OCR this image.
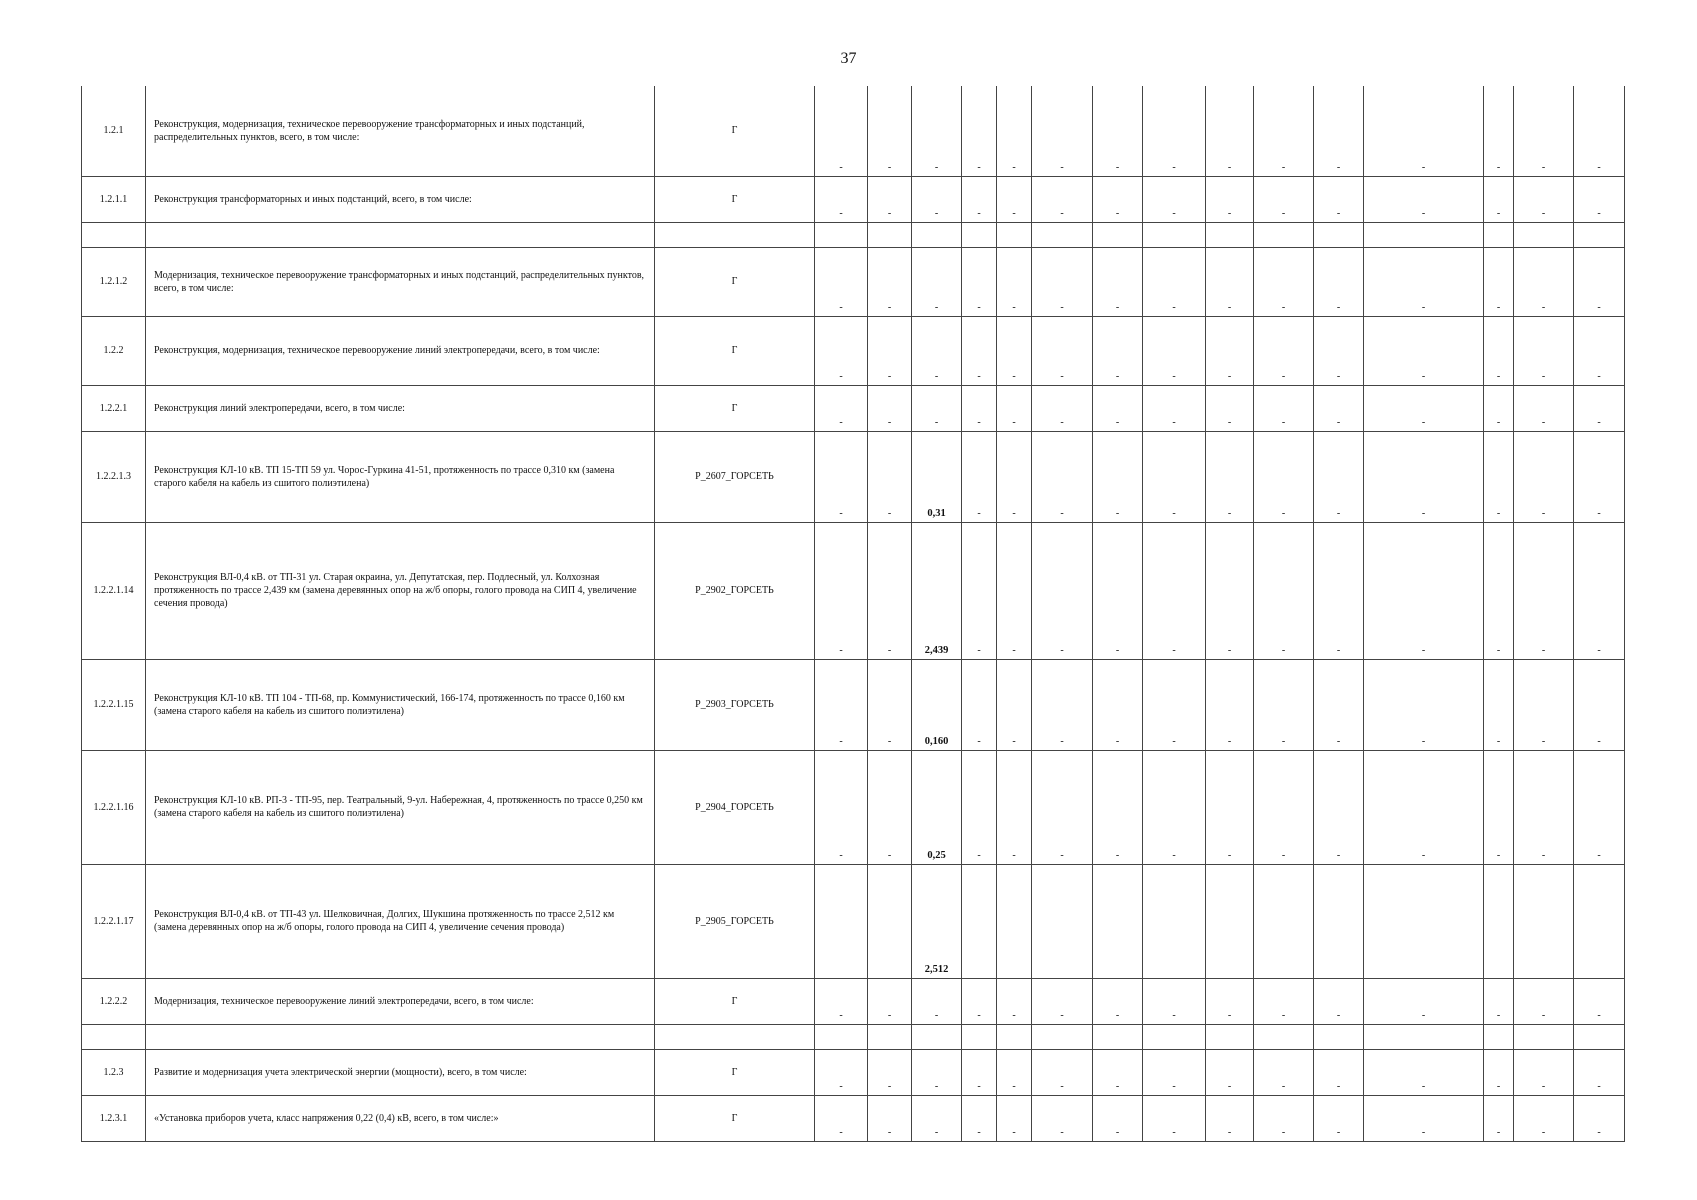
37
1.2.1	Реконструкция, модернизация, техническое перевооружение трансформаторных и иных подстанций, распределительных пунктов, всего, в том числе:	Г	-	-	-	-	-	-	-	-	-	-	-	-	-	-	-
1.2.1.1	Реконструкция трансформаторных и иных подстанций, всего, в том числе:	Г	-	-	-	-	-	-	-	-	-	-	-	-	-	-	-

1.2.1.2	Модернизация, техническое перевооружение трансформаторных и иных подстанций, распределительных пунктов, всего, в том числе:	Г	-	-	-	-	-	-	-	-	-	-	-	-	-	-	-
1.2.2	Реконструкция, модернизация, техническое перевооружение линий электропередачи, всего, в том числе:	Г	-	-	-	-	-	-	-	-	-	-	-	-	-	-	-
1.2.2.1	Реконструкция линий электропередачи, всего, в том числе:	Г	-	-	-	-	-	-	-	-	-	-	-	-	-	-	-
1.2.2.1.3	Реконструкция КЛ-10 кВ. ТП 15-ТП 59 ул. Чорос-Гуркина 41-51, протяженность по трассе 0,310 км (замена старого кабеля на кабель из сшитого полиэтилена)	P_2607_ГОРСЕТЬ	-	-	0,31	-	-	-	-	-	-	-	-	-	-	-	-
1.2.2.1.14	Реконструкция ВЛ-0,4 кВ. от ТП-31 ул. Старая окраина, ул. Депутатская, пер. Подлесный, ул. Колхозная протяженность по трассе 2,439 км (замена деревянных опор на ж/б опоры, голого провода на СИП 4, увеличение сечения провода)	P_2902_ГОРСЕТЬ	-	-	2,439	-	-	-	-	-	-	-	-	-	-	-	-
1.2.2.1.15	Реконструкция КЛ-10 кВ. ТП 104 - ТП-68, пр. Коммунистический, 166-174, протяженность по трассе 0,160 км (замена старого кабеля на кабель из сшитого полиэтилена)	P_2903_ГОРСЕТЬ	-	-	0,160	-	-	-	-	-	-	-	-	-	-	-	-
1.2.2.1.16	Реконструкция КЛ-10 кВ. РП-3 - ТП-95, пер. Театральный, 9-ул. Набережная, 4, протяженность по трассе 0,250 км (замена старого кабеля на кабель из сшитого полиэтилена)	P_2904_ГОРСЕТЬ	-	-	0,25	-	-	-	-	-	-	-	-	-	-	-	-
1.2.2.1.17	Реконструкция ВЛ-0,4 кВ. от ТП-43 ул. Шелковичная, Долгих, Шукшина протяженность по трассе 2,512 км (замена деревянных опор на ж/б опоры, голого провода на СИП 4, увеличение сечения провода)	P_2905_ГОРСЕТЬ			2,512												
1.2.2.2	Модернизация, техническое перевооружение линий электропередачи, всего, в том числе:	Г	-	-	-	-	-	-	-	-	-	-	-	-	-	-	-

1.2.3	Развитие и модернизация учета электрической энергии (мощности), всего, в том числе:	Г	-	-	-	-	-	-	-	-	-	-	-	-	-	-	-
1.2.3.1	«Установка приборов учета, класс напряжения 0,22 (0,4) кВ, всего, в том числе:»	Г	-	-	-	-	-	-	-	-	-	-	-	-	-	-	-
